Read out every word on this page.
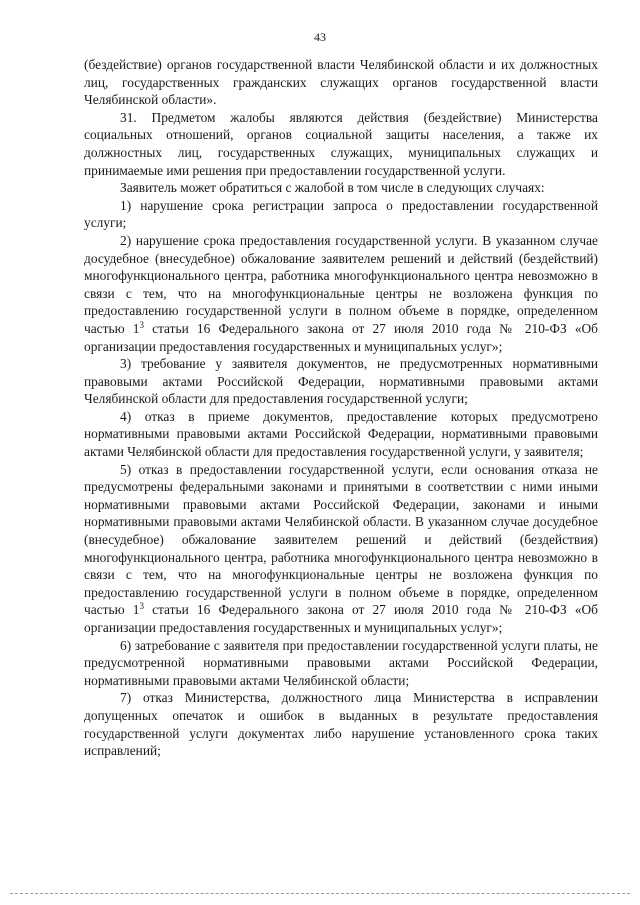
43

(бездействие) органов государственной власти Челябинской области и их должностных лиц, государственных гражданских служащих органов государственной власти Челябинской области».

31. Предметом жалобы являются действия (бездействие) Министерства социальных отношений, органов социальной защиты населения, а также их должностных лиц, государственных служащих, муниципальных служащих и принимаемые ими решения при предоставлении государственной услуги.

Заявитель может обратиться с жалобой в том числе в следующих случаях:

1) нарушение срока регистрации запроса о предоставлении государственной услуги;

2) нарушение срока предоставления государственной услуги. В указанном случае досудебное (внесудебное) обжалование заявителем решений и действий (бездействий) многофункционального центра, работника многофункционального центра невозможно в связи с тем, что на многофункциональные центры не возложена функция по предоставлению государственной услуги в полном объеме в порядке, определенном частью $1^3$ статьи 16 Федерального закона от 27 июля 2010 года № 210-ФЗ «Об организации предоставления государственных и муниципальных услуг»;

3) требование у заявителя документов, не предусмотренных нормативными правовыми актами Российской Федерации, нормативными правовыми актами Челябинской области для предоставления государственной услуги;

4) отказ в приеме документов, предоставление которых предусмотрено нормативными правовыми актами Российской Федерации, нормативными правовыми актами Челябинской области для предоставления государственной услуги, у заявителя;

5) отказ в предоставлении государственной услуги, если основания отказа не предусмотрены федеральными законами и принятыми в соответствии с ними иными нормативными правовыми актами Российской Федерации, законами и иными нормативными правовыми актами Челябинской области. В указанном случае досудебное (внесудебное) обжалование заявителем решений и действий (бездействия) многофункционального центра, работника многофункционального центра невозможно в связи с тем, что на многофункциональные центры не возложена функция по предоставлению государственной услуги в полном объеме в порядке, определенном частью $1^3$ статьи 16 Федерального закона от 27 июля 2010 года № 210-ФЗ «Об организации предоставления государственных и муниципальных услуг»;

6) затребование с заявителя при предоставлении государственной услуги платы, не предусмотренной нормативными правовыми актами Российской Федерации, нормативными правовыми актами Челябинской области;

7) отказ Министерства, должностного лица Министерства в исправлении допущенных опечаток и ошибок в выданных в результате предоставления государственной услуги документах либо нарушение установленного срока таких исправлений;
